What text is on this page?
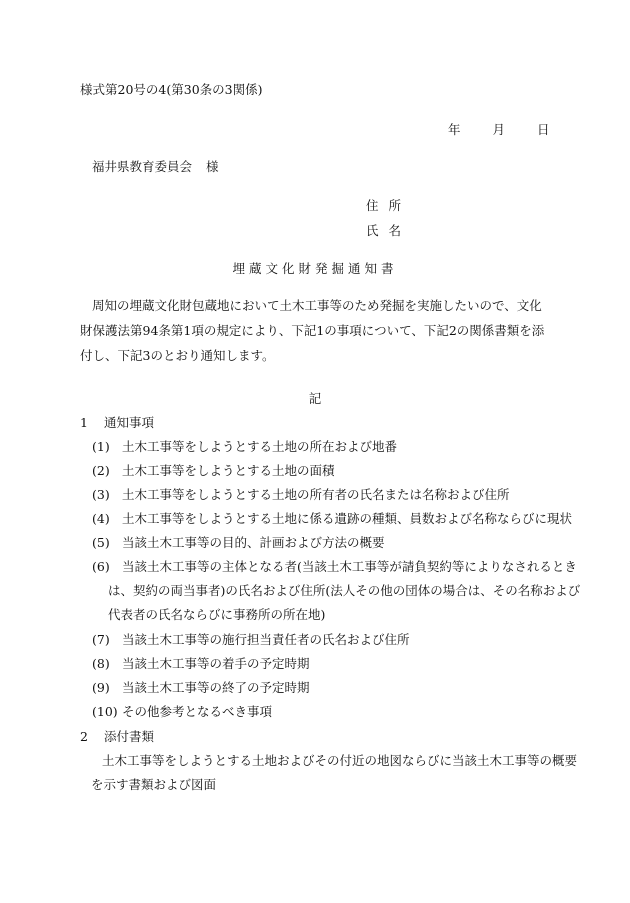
様式第20号の4(第30条の3関係)
年	月	日
福井県教育委員会 様
住所
氏名
埋蔵文化財発掘通知書
周知の埋蔵文化財包蔵地において土木工事等のため発掘を実施したいので、文化財保護法第94条第1項の規定により、下記1の事項について、下記2の関係書類を添付し、下記3のとおり通知します。
記
1 通知事項
(1) 土木工事等をしようとする土地の所在および地番
(2) 土木工事等をしようとする土地の面積
(3) 土木工事等をしようとする土地の所有者の氏名または名称および住所
(4) 土木工事等をしようとする土地に係る遺跡の種類、員数および名称ならびに現状
(5) 当該土木工事等の目的、計画および方法の概要
(6) 当該土木工事等の主体となる者(当該土木工事等が請負契約等によりなされるとき
は、契約の両当事者)の氏名および住所(法人その他の団体の場合は、その名称および
代表者の氏名ならびに事務所の所在地)
(7) 当該土木工事等の施行担当責任者の氏名および住所
(8) 当該土木工事等の着手の予定時期
(9) 当該土木工事等の終了の予定時期
(10) その他参考となるべき事項
2 添付書類
土木工事等をしようとする土地およびその付近の地図ならびに当該土木工事等の概要
を示す書類および図面
